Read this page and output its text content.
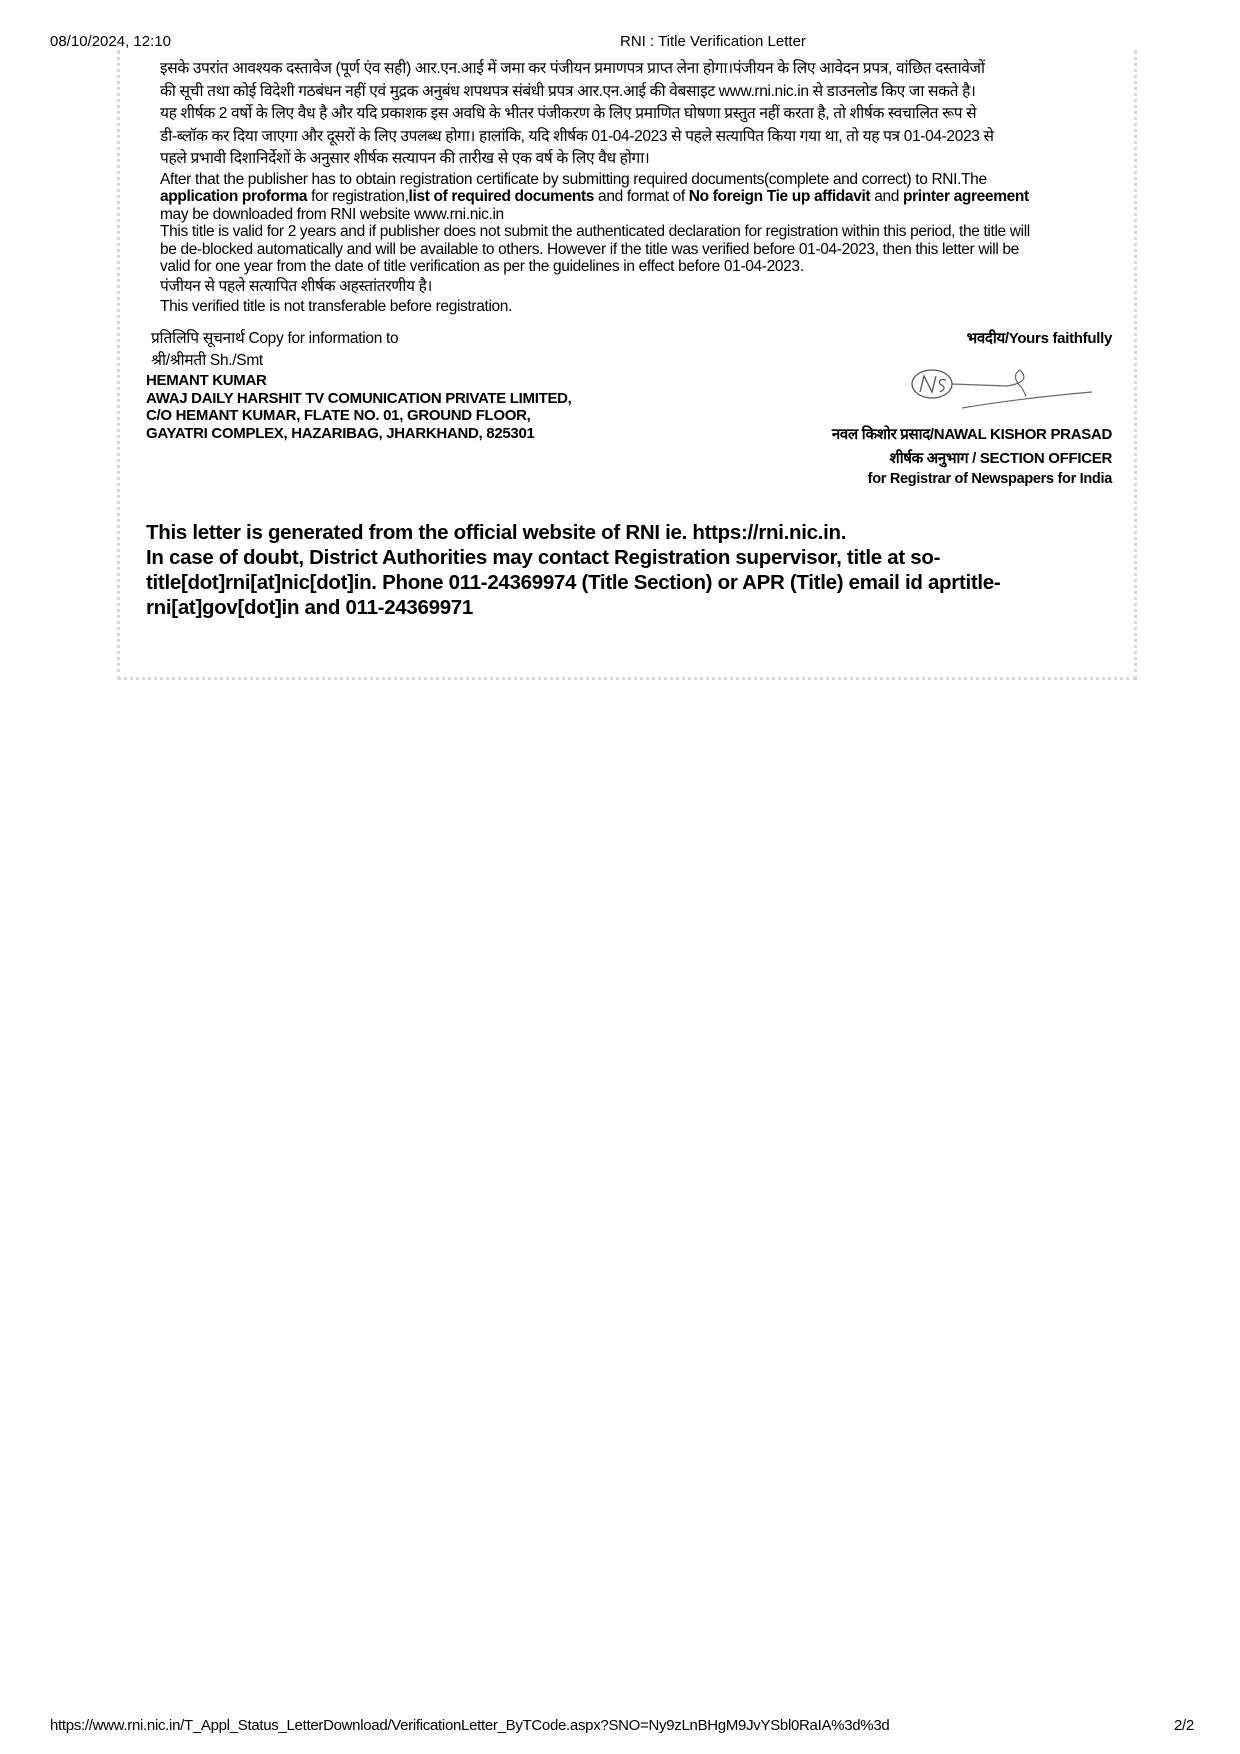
08/10/2024, 12:10	RNI : Title Verification Letter
इसके उपरांत आवश्यक दस्तावेज (पूर्ण एंव सही) आर.एन.आई में जमा कर पंजीयन प्रमाणपत्र प्राप्त लेना होगा।पंजीयन के लिए आवेदन प्रपत्र, वांछित दस्तावेजों
की सूची तथा कोई विदेशी गठबंधन नहीं एवं मुद्रक अनुबंध शपथपत्र संबंधी प्रपत्र आर.एन.आई की वेबसाइट www.rni.nic.in से डाउनलोड किए जा सकते है।
यह शीर्षक 2 वर्षो के लिए वैध है और यदि प्रकाशक इस अवधि के भीतर पंजीकरण के लिए प्रमाणित घोषणा प्रस्तुत नहीं करता है, तो शीर्षक स्वचालित रूप से
डी-ब्लॉक कर दिया जाएगा और दूसरों के लिए उपलब्ध होगा। हालांकि, यदि शीर्षक 01-04-2023 से पहले सत्यापित किया गया था, तो यह पत्र 01-04-2023 से
पहले प्रभावी दिशानिर्देशों के अनुसार शीर्षक सत्यापन की तारीख से एक वर्ष के लिए वैध होगा।
After that the publisher has to obtain registration certificate by submitting required documents(complete and correct) to RNI.The
application proforma for registration,list of required documents and format of No foreign Tie up affidavit and printer agreement
may be downloaded from RNI website www.rni.nic.in
This title is valid for 2 years and if publisher does not submit the authenticated declaration for registration within this period, the title will
be de-blocked automatically and will be available to others. However if the title was verified before 01-04-2023, then this letter will be
valid for one year from the date of title verification as per the guidelines in effect before 01-04-2023.
पंजीयन से पहले सत्यापित शीर्षक अहस्तांतरणीय है।
This verified title is not transferable before registration.
प्रतिलिपि सूचनार्थ Copy for information to
श्री/श्रीमती Sh./Smt
HEMANT KUMAR
AWAJ DAILY HARSHIT TV COMUNICATION PRIVATE LIMITED,
C/O HEMANT KUMAR, FLATE NO. 01, GROUND FLOOR,
GAYATRI COMPLEX, HAZARIBAG, JHARKHAND, 825301
भवदीय/Yours faithfully
नवल किशोर प्रसाद/NAWAL KISHOR PRASAD
शीर्षक अनुभाग / SECTION OFFICER
for Registrar of Newspapers for India
This letter is generated from the official website of RNI ie. https://rni.nic.in.
In case of doubt, District Authorities may contact Registration supervisor, title at so-
title[dot]rni[at]nic[dot]in. Phone 011-24369974 (Title Section) or APR (Title) email id aprtitle-
rni[at]gov[dot]in and 011-24369971
https://www.rni.nic.in/T_Appl_Status_LetterDownload/VerificationLetter_ByTCode.aspx?SNO=Ny9zLnBHgM9JvYSbl0RaIA%3d%3d	2/2
